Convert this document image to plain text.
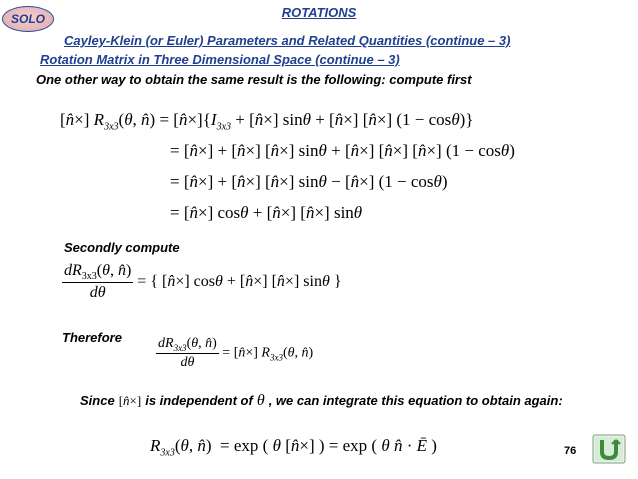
SOLO	ROTATIONS
Cayley-Klein (or Euler) Parameters and Related Quantities (continue – 3)
Rotation Matrix in Three Dimensional Space (continue – 3)
One other way to obtain the same result is the following: compute first
[n̂×] $R_{3x3}(\theta$, n̂) = $[n̂\times]\{I_{3x3}$ + [n̂×] sinθ + [n̂×] [n̂×] (1 − cosθ)}
= [n̂×] + [n̂×] [n̂×] sinθ + [n̂×] [n̂×] [n̂×] (1 − cosθ)
= [n̂×] + [n̂×] [n̂×] sinθ − [n̂×] (1 − cosθ)
= [n̂×] cosθ + [n̂×] [n̂×] sinθ
Secondly compute
$\frac{dR_{3x3}(\theta, n̂)}{d\theta}$ = { [n̂×] cosθ + [n̂×] [n̂×] sinθ }
Therefore $\frac{dR_{3x3}(\theta, n̂)}{d\theta}$ = [n̂×] $R_{3x3}(\theta$, n̂)
Since [n̂×] is independent of θ , we can integrate this equation to obtain again:
$R_{3x3}(\theta$, n̂)  = exp ( θ [n̂×] ) = exp ( θ n̂ · Ē )	76
